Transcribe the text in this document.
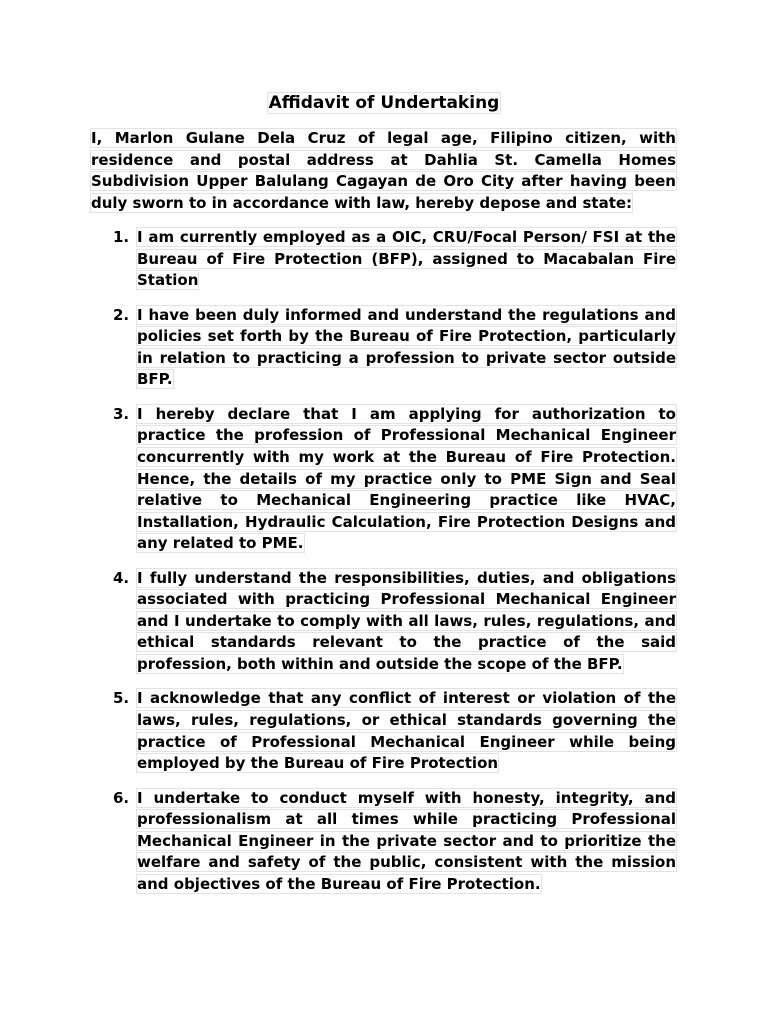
Affidavit of Undertaking

I, Marlon Gulane Dela Cruz of legal age, Filipino citizen, with residence and postal address at Dahlia St. Camella Homes Subdivision Upper Balulang Cagayan de Oro City after having been duly sworn to in accordance with law, hereby depose and state:

1. I am currently employed as a OIC, CRU/Focal Person/ FSI at the Bureau of Fire Protection (BFP), assigned to Macabalan Fire Station
2. I have been duly informed and understand the regulations and policies set forth by the Bureau of Fire Protection, particularly in relation to practicing a profession to private sector outside BFP.
3. I hereby declare that I am applying for authorization to practice the profession of Professional Mechanical Engineer concurrently with my work at the Bureau of Fire Protection. Hence, the details of my practice only to PME Sign and Seal relative to Mechanical Engineering practice like HVAC, Installation, Hydraulic Calculation, Fire Protection Designs and any related to PME.
4. I fully understand the responsibilities, duties, and obligations associated with practicing Professional Mechanical Engineer and I undertake to comply with all laws, rules, regulations, and ethical standards relevant to the practice of the said profession, both within and outside the scope of the BFP.
5. I acknowledge that any conflict of interest or violation of the laws, rules, regulations, or ethical standards governing the practice of Professional Mechanical Engineer while being employed by the Bureau of Fire Protection
6. I undertake to conduct myself with honesty, integrity, and professionalism at all times while practicing Professional Mechanical Engineer in the private sector and to prioritize the welfare and safety of the public, consistent with the mission and objectives of the Bureau of Fire Protection.
